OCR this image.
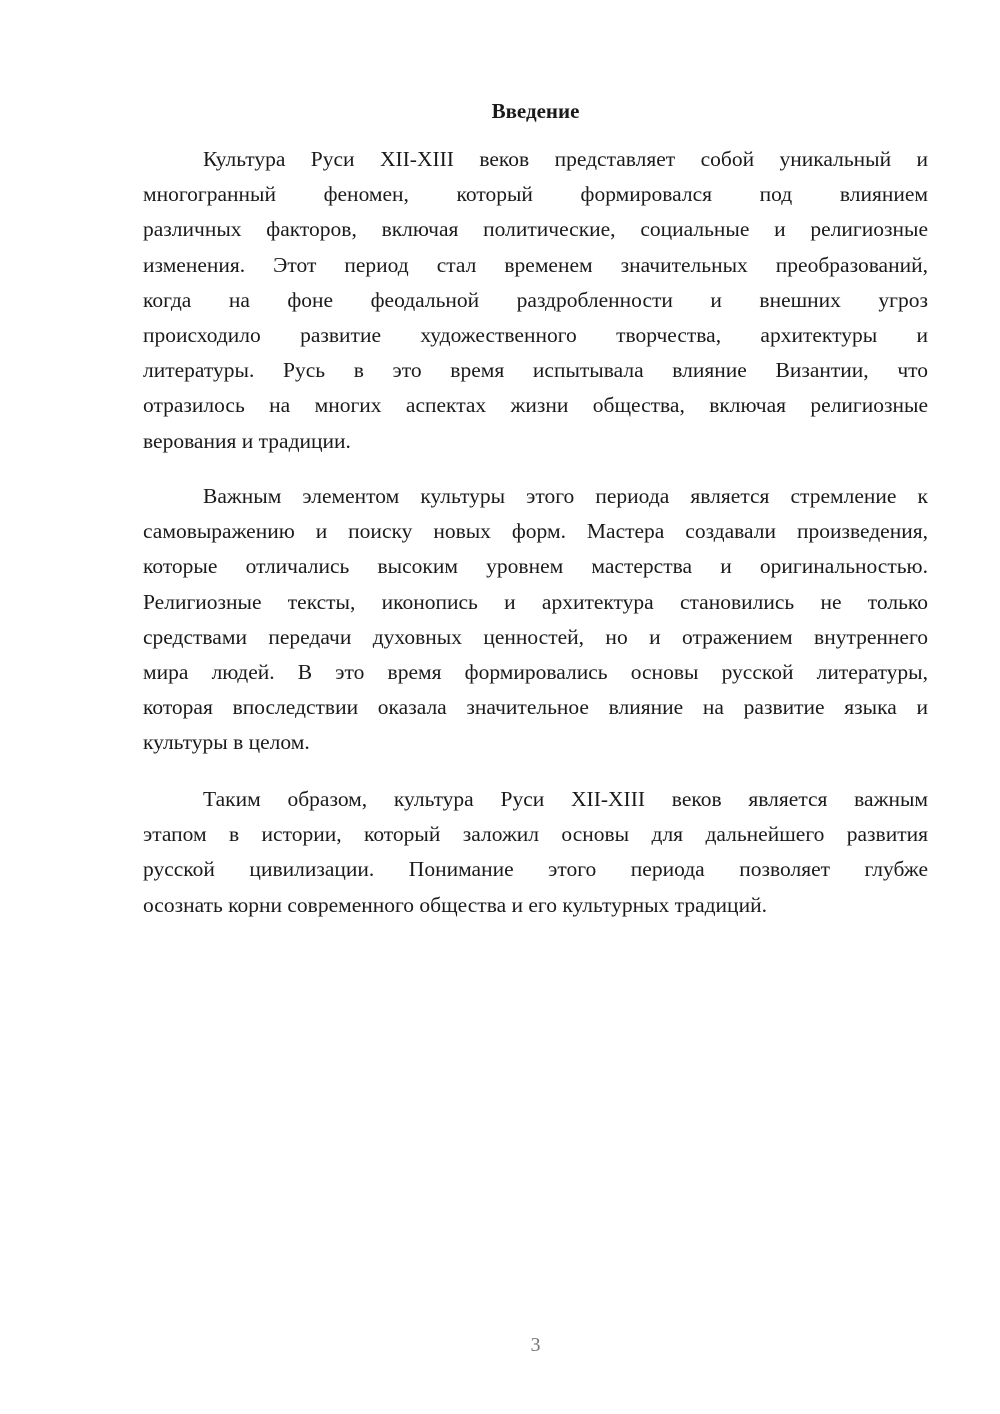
Введение
Культура Руси XII-XIII веков представляет собой уникальный и
многогранный феномен, который формировался под влиянием
различных факторов, включая политические, социальные и религиозные
изменения. Этот период стал временем значительных преобразований,
когда на фоне феодальной раздробленности и внешних угроз
происходило развитие художественного творчества, архитектуры и
литературы. Русь в это время испытывала влияние Византии, что
отразилось на многих аспектах жизни общества, включая религиозные
верования и традиции.
Важным элементом культуры этого периода является стремление к
самовыражению и поиску новых форм. Мастера создавали произведения,
которые отличались высоким уровнем мастерства и оригинальностью.
Религиозные тексты, иконопись и архитектура становились не только
средствами передачи духовных ценностей, но и отражением внутреннего
мира людей. В это время формировались основы русской литературы,
которая впоследствии оказала значительное влияние на развитие языка и
культуры в целом.
Таким образом, культура Руси XII-XIII веков является важным
этапом в истории, который заложил основы для дальнейшего развития
русской цивилизации. Понимание этого периода позволяет глубже
осознать корни современного общества и его культурных традиций.
3
